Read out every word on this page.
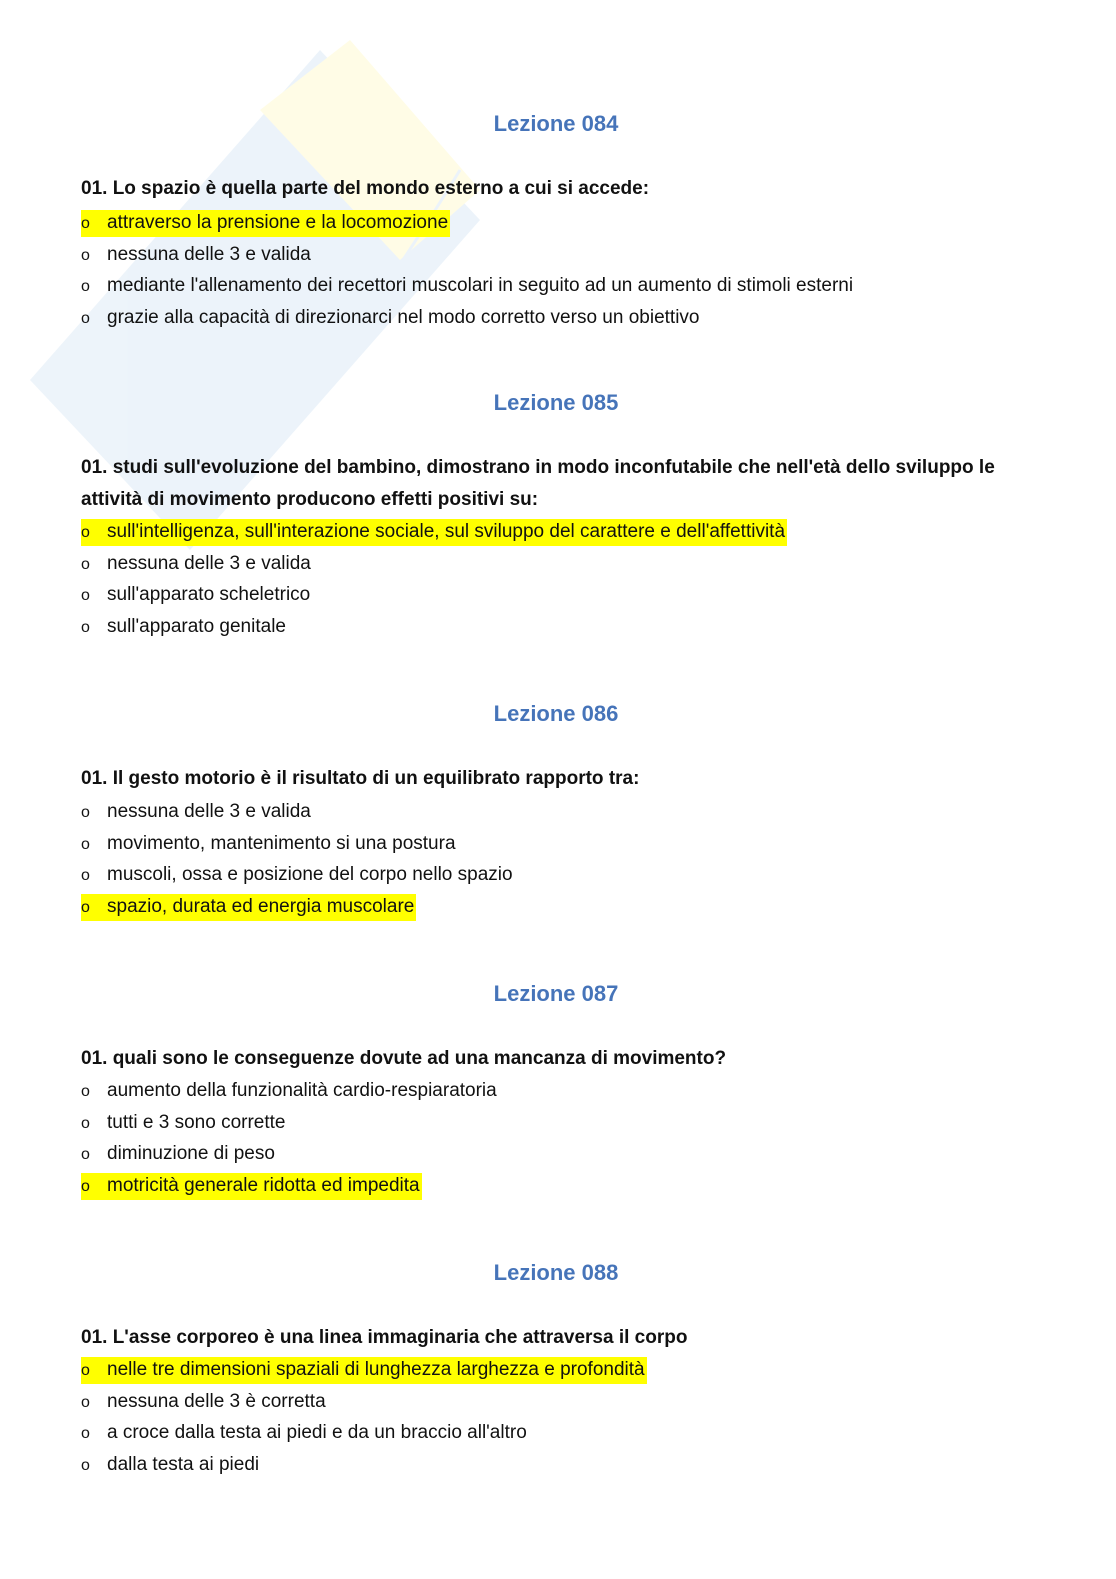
Lezione 084
01. Lo spazio è quella parte del mondo esterno a cui si accede:
o attraverso la prensione e la locomozione
o nessuna delle 3 e valida
o mediante l'allenamento dei recettori muscolari in seguito ad un aumento di stimoli esterni
o grazie alla capacità di direzionarci nel modo corretto verso un obiettivo
Lezione 085
01. studi sull'evoluzione del bambino, dimostrano in modo inconfutabile che nell'età dello sviluppo le attività di movimento producono effetti positivi su:
o sull'intelligenza, sull'interazione sociale, sul sviluppo del carattere e dell'affettività
o nessuna delle 3 e valida
o sull'apparato scheletrico
o sull'apparato genitale
Lezione 086
01. Il gesto motorio è il risultato di un equilibrato rapporto tra:
o nessuna delle 3 e valida
o movimento, mantenimento si una postura
o muscoli, ossa e posizione del corpo nello spazio
o spazio, durata ed energia muscolare
Lezione 087
01. quali sono le conseguenze dovute ad una mancanza di movimento?
o aumento della funzionalità cardio-respiaratoria
o tutti e 3 sono corrette
o diminuzione di peso
o motricità generale ridotta ed impedita
Lezione 088
01. L'asse corporeo è una linea immaginaria che attraversa il corpo
o nelle tre dimensioni spaziali di lunghezza larghezza e profondità
o nessuna delle 3 è corretta
o a croce dalla testa ai piedi e da un braccio all'altro
o dalla testa ai piedi
